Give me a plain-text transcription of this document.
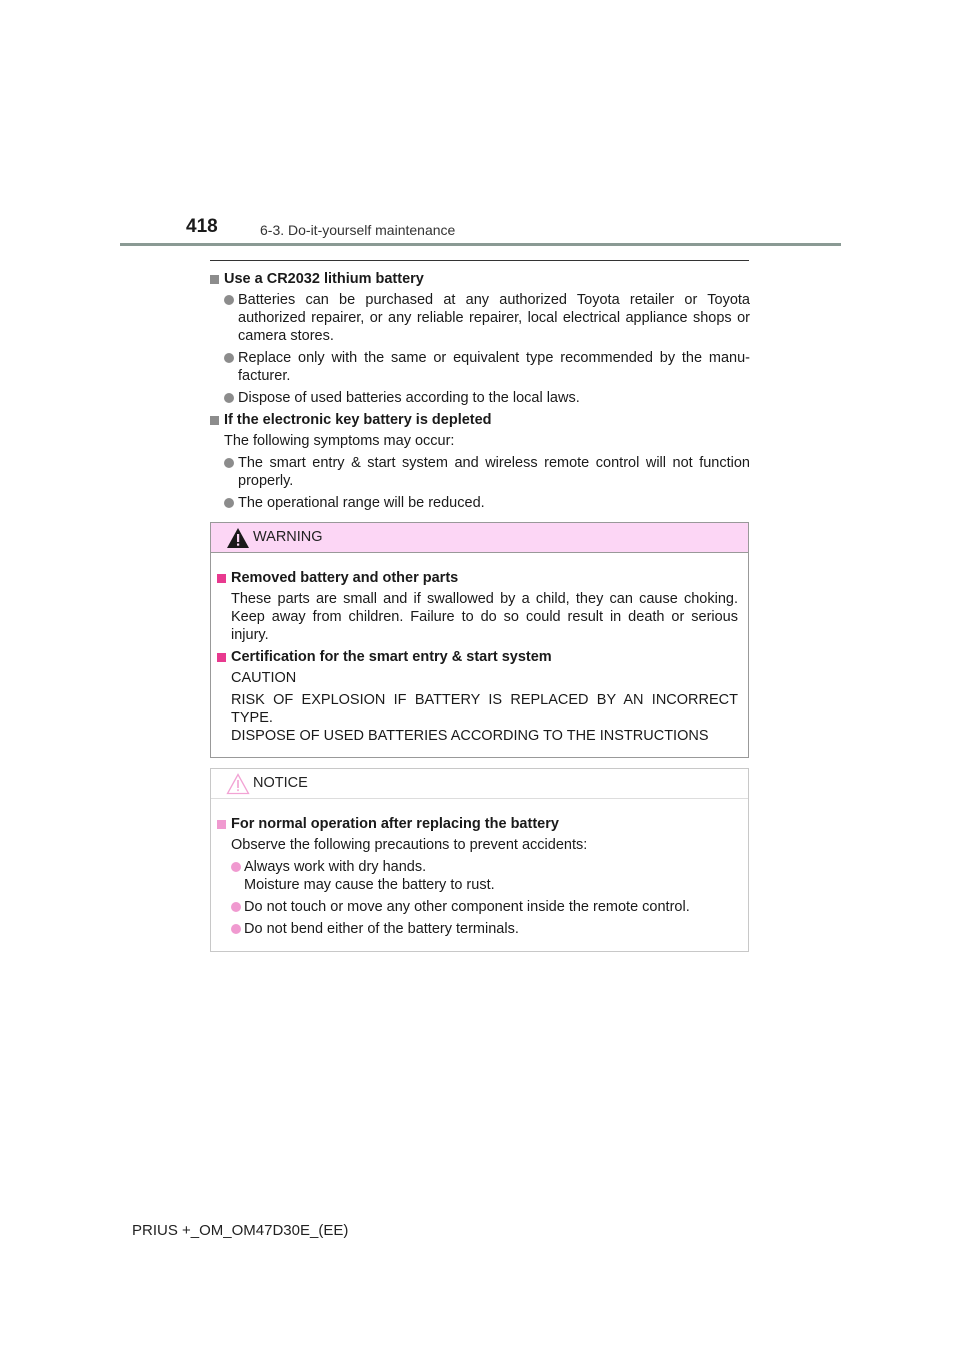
418	6-3. Do-it-yourself maintenance
Use a CR2032 lithium battery
Batteries can be purchased at any authorized Toyota retailer or Toyota authorized repairer, or any reliable repairer, local electrical appliance shops or camera stores.
Replace only with the same or equivalent type recommended by the manu- facturer.
Dispose of used batteries according to the local laws.
If the electronic key battery is depleted
The following symptoms may occur:
The smart entry & start system and wireless remote control will not function properly.
The operational range will be reduced.
WARNING
Removed battery and other parts
These parts are small and if swallowed by a child, they can cause choking. Keep away from children. Failure to do so could result in death or serious injury.
Certification for the smart entry & start system
CAUTION
RISK OF EXPLOSION IF BATTERY IS REPLACED BY AN INCORRECT TYPE.
DISPOSE OF USED BATTERIES ACCORDING TO THE INSTRUCTIONS
NOTICE
For normal operation after replacing the battery
Observe the following precautions to prevent accidents:
Always work with dry hands.
Moisture may cause the battery to rust.
Do not touch or move any other component inside the remote control.
Do not bend either of the battery terminals.
PRIUS +_OM_OM47D30E_(EE)
